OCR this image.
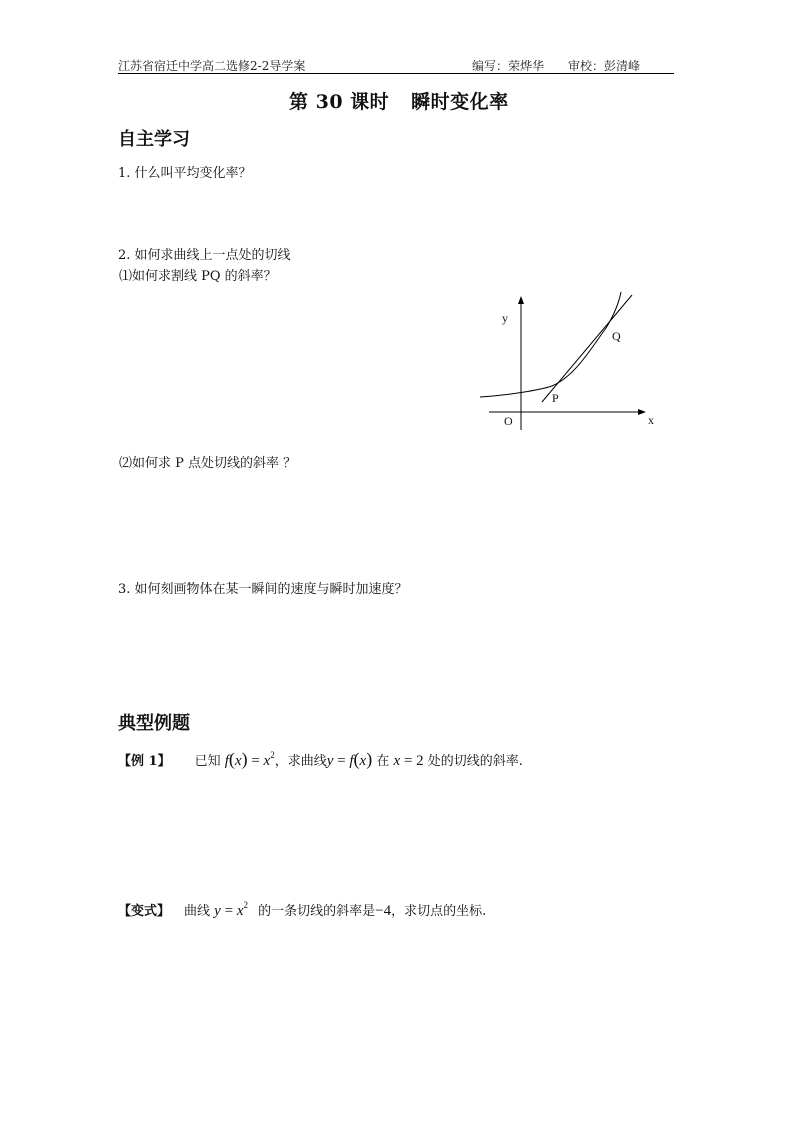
江苏省宿迁中学高二选修2-2导学案	编写：荣烨华 审校：彭清峰
第 30 课时 瞬时变化率
自主学习
1. 什么叫平均变化率？
2. 如何求曲线上一点处的切线
⑴如何求割线 PQ 的斜率？
y
x
O
P
Q
⑵如何求 P 点处切线的斜率 ？
3. 如何刻画物体在某一瞬间的速度与瞬时加速度？
典型例题
【例 1】 已知 $f(x) = x^2$，求曲线y = f(x) 在 x = 2 处的切线的斜率.
【变式】 曲线 $y = x^2$ 的一条切线的斜率是−4，求切点的坐标.
